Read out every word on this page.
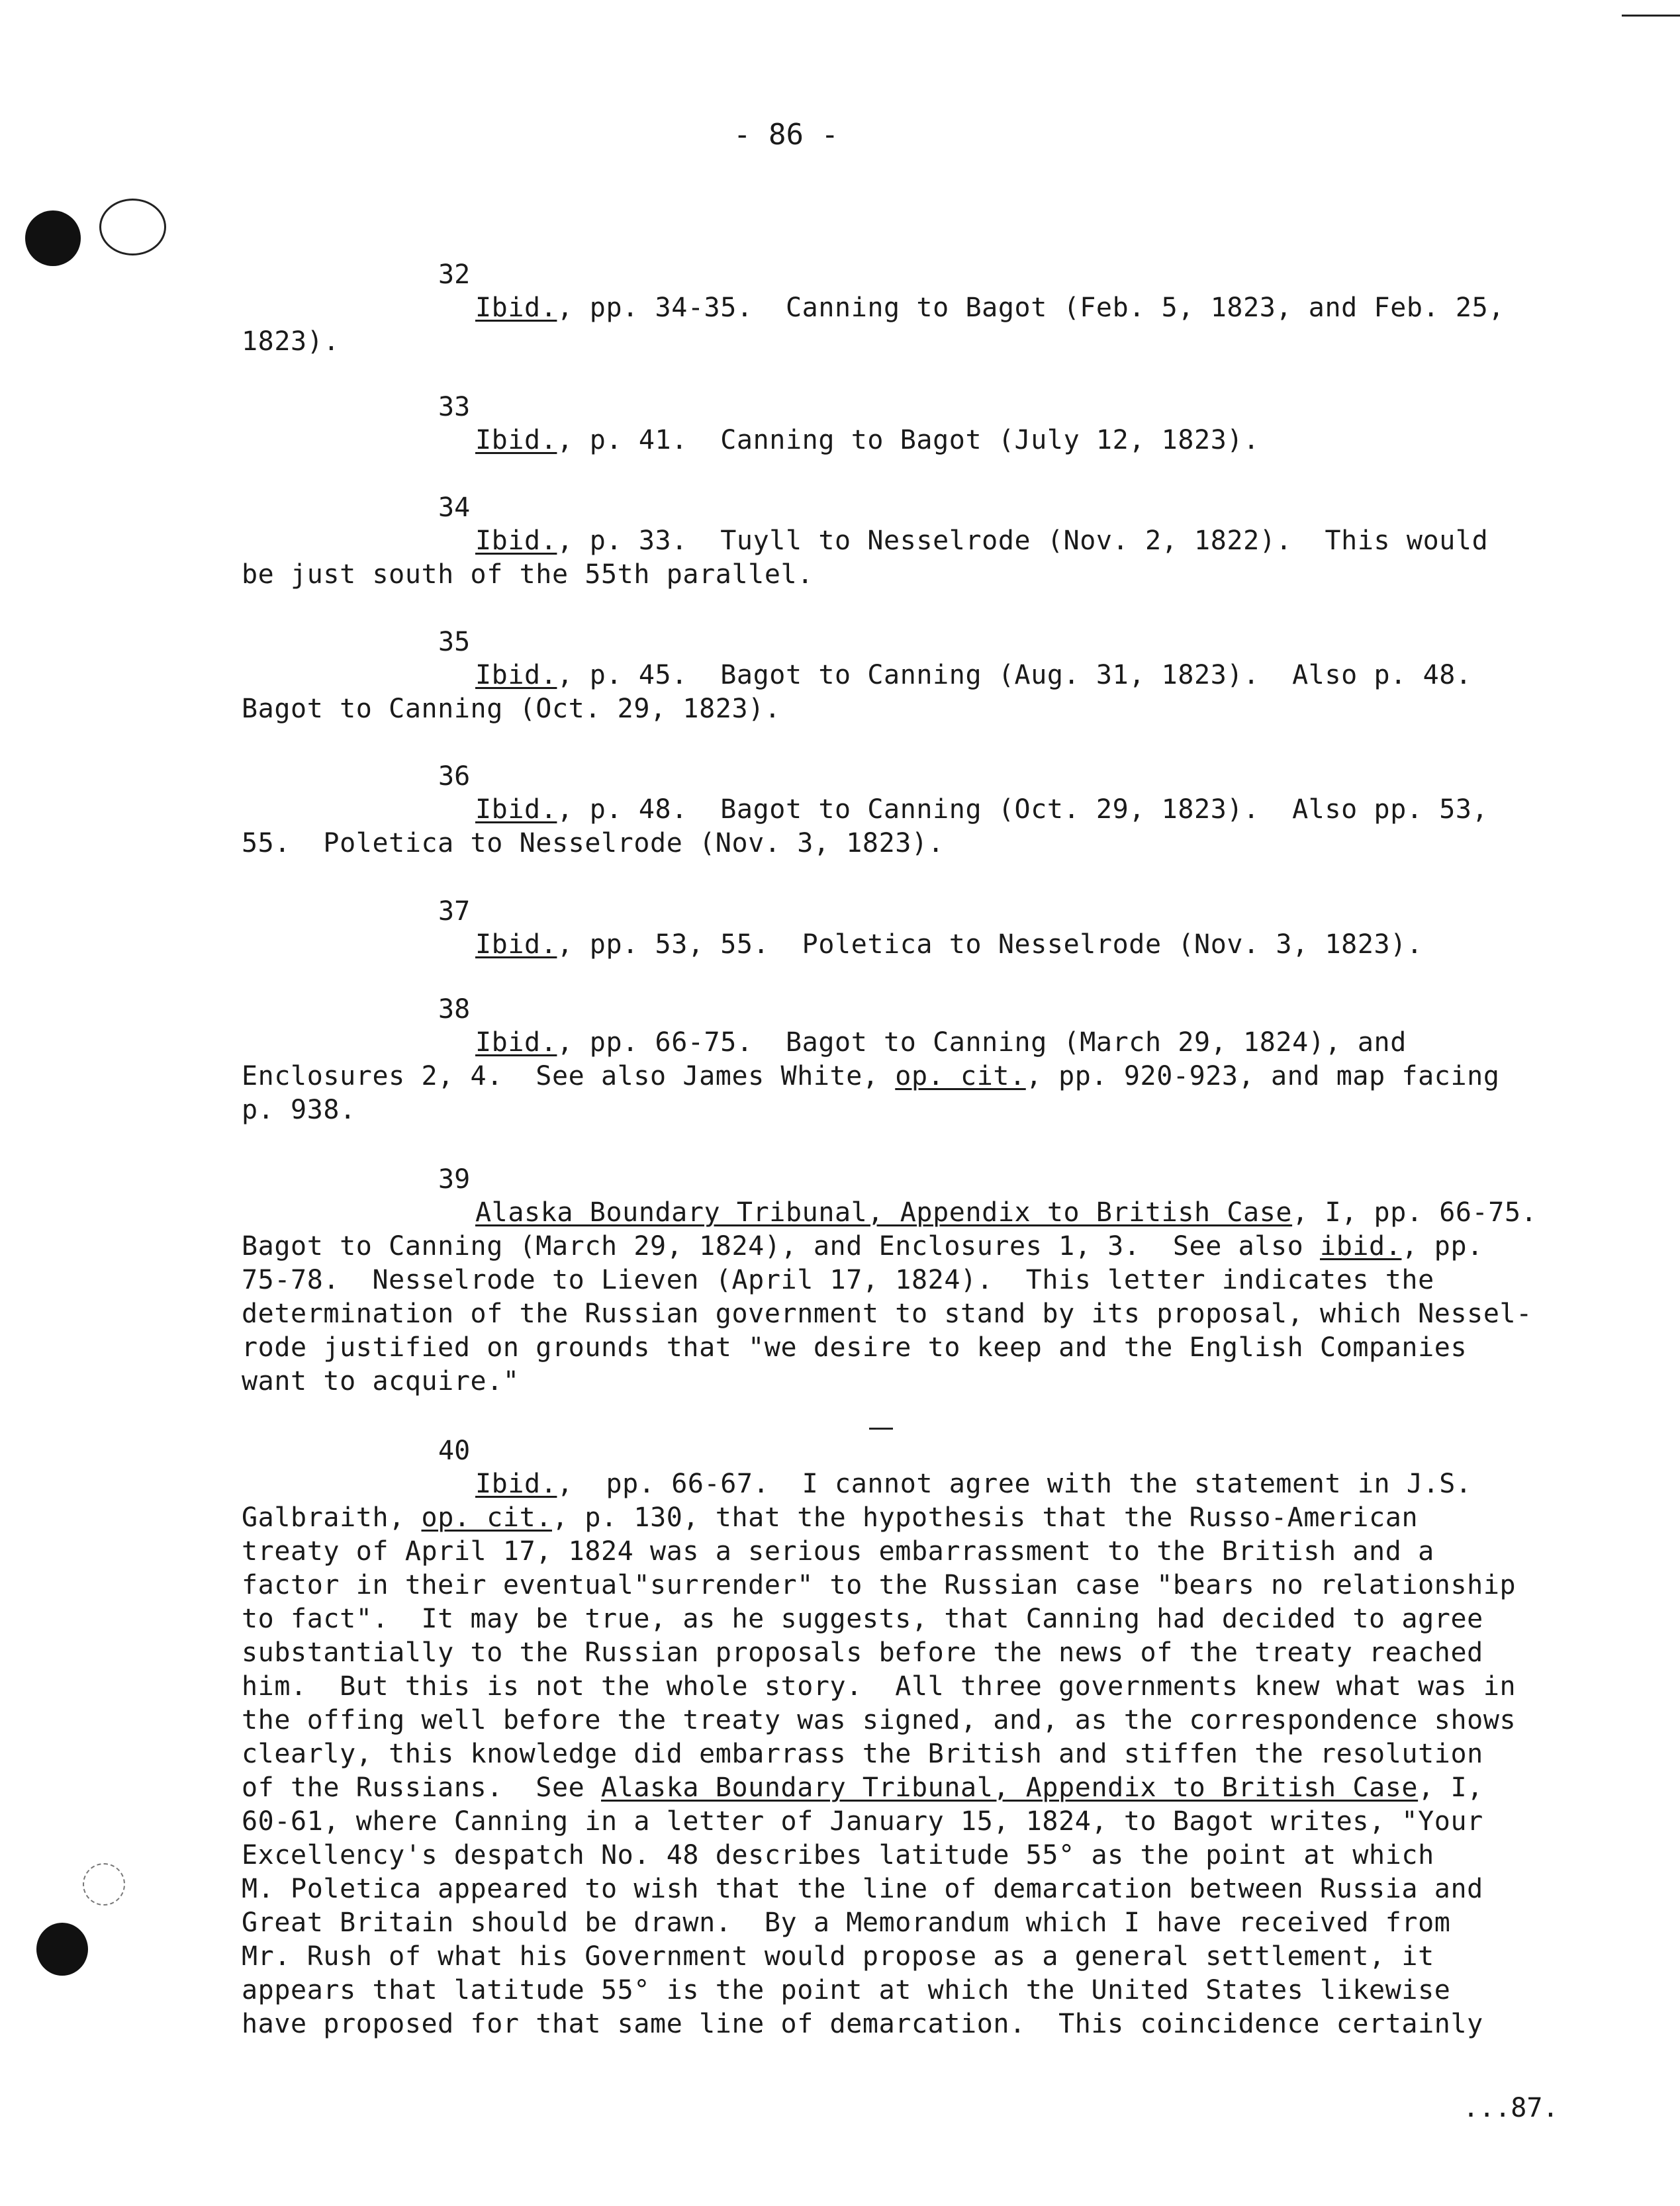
- 86 -
32
Ibid., pp. 34-35.  Canning to Bagot (Feb. 5, 1823, and Feb. 25,
1823).
33
Ibid., p. 41.  Canning to Bagot (July 12, 1823).
34
Ibid., p. 33.  Tuyll to Nesselrode (Nov. 2, 1822).  This would
be just south of the 55th parallel.
35
Ibid., p. 45.  Bagot to Canning (Aug. 31, 1823).  Also p. 48.
Bagot to Canning (Oct. 29, 1823).
36
Ibid., p. 48.  Bagot to Canning (Oct. 29, 1823).  Also pp. 53,
55.  Poletica to Nesselrode (Nov. 3, 1823).
37
Ibid., pp. 53, 55.  Poletica to Nesselrode (Nov. 3, 1823).
38
Ibid., pp. 66-75.  Bagot to Canning (March 29, 1824), and
Enclosures 2, 4.  See also James White, op. cit., pp. 920-923, and map facing
p. 938.
39
Alaska Boundary Tribunal, Appendix to British Case, I, pp. 66-75.
Bagot to Canning (March 29, 1824), and Enclosures 1, 3.  See also ibid., pp.
75-78.  Nesselrode to Lieven (April 17, 1824).  This letter indicates the
determination of the Russian government to stand by its proposal, which Nessel-
rode justified on grounds that "we desire to keep and the English Companies
want to acquire."
40
Ibid.,  pp. 66-67.  I cannot agree with the statement in J.S.
Galbraith, op. cit., p. 130, that the hypothesis that the Russo-American
treaty of April 17, 1824 was a serious embarrassment to the British and a
factor in their eventual"surrender" to the Russian case "bears no relationship
to fact".  It may be true, as he suggests, that Canning had decided to agree
substantially to the Russian proposals before the news of the treaty reached
him.  But this is not the whole story.  All three governments knew what was in
the offing well before the treaty was signed, and, as the correspondence shows
clearly, this knowledge did embarrass the British and stiffen the resolution
of the Russians.  See Alaska Boundary Tribunal, Appendix to British Case, I,
60-61, where Canning in a letter of January 15, 1824, to Bagot writes, "Your
Excellency's despatch No. 48 describes latitude 55° as the point at which
M. Poletica appeared to wish that the line of demarcation between Russia and
Great Britain should be drawn.  By a Memorandum which I have received from
Mr. Rush of what his Government would propose as a general settlement, it
appears that latitude 55° is the point at which the United States likewise
have proposed for that same line of demarcation.  This coincidence certainly
...87.
